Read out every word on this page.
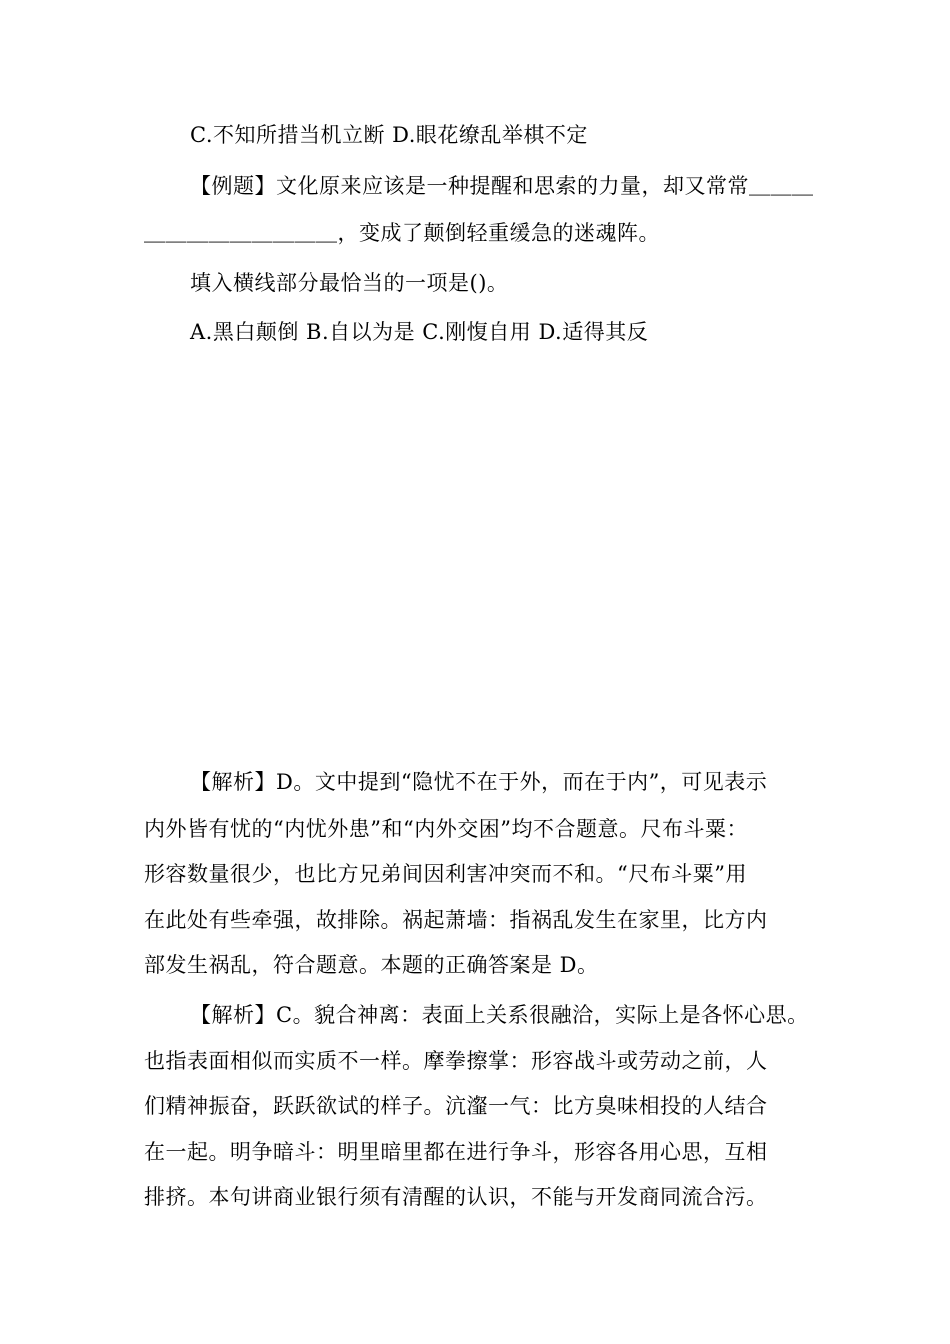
C.不知所措当机立断 D.眼花缭乱举棋不定
【例题】文化原来应该是一种提醒和思索的力量，却又常常＿＿＿
＿＿＿＿＿＿＿＿＿，变成了颠倒轻重缓急的迷魂阵。
填入横线部分最恰当的一项是()。
A.黑白颠倒 B.自以为是 C.刚愎自用 D.适得其反
【解析】D。文中提到“隐忧不在于外，而在于内”，可见表示
内外皆有忧的“内忧外患”和“内外交困”均不合题意。尺布斗粟：
形容数量很少，也比方兄弟间因利害冲突而不和。“尺布斗粟”用
在此处有些牵强，故排除。祸起萧墙：指祸乱发生在家里，比方内
部发生祸乱，符合题意。本题的正确答案是 D。
【解析】C。貌合神离：表面上关系很融洽，实际上是各怀心思。
也指表面相似而实质不一样。摩拳擦掌：形容战斗或劳动之前，人
们精神振奋，跃跃欲试的样子。沆瀣一气：比方臭味相投的人结合
在一起。明争暗斗：明里暗里都在进行争斗，形容各用心思，互相
排挤。本句讲商业银行须有清醒的认识，不能与开发商同流合污。
